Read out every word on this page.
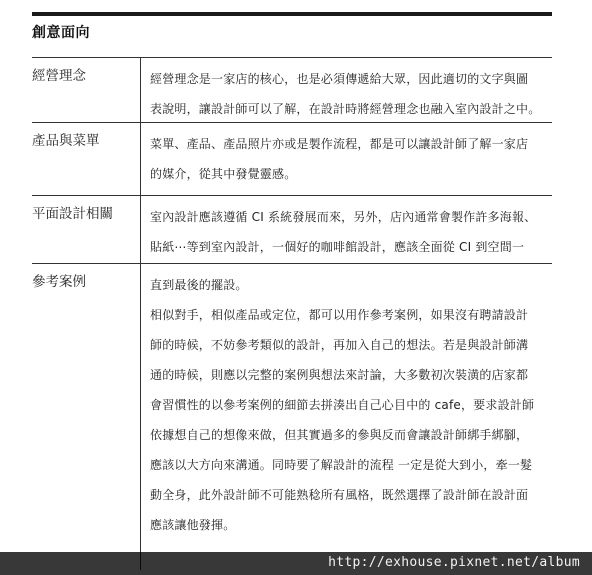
創意面向
經營理念	經營理念是一家店的核心，也是必須傳遞給大眾，因此適切的文字與圖
表說明，讓設計師可以了解，在設計時將經營理念也融入室內設計之中。
產品與菜單	菜單、產品、產品照片亦或是製作流程，都是可以讓設計師了解一家店
的媒介，從其中發覺靈感。
平面設計相關	室內設計應該遵循 CI 系統發展而來，另外，店內通常會製作許多海報、
貼紙⋯等到室內設計，一個好的咖啡館設計，應該全面從 CI 到空間一
參考案例	直到最後的擺設。
相似對手，相似產品或定位，都可以用作參考案例，如果沒有聘請設計
師的時候，不妨參考類似的設計，再加入自己的想法。若是與設計師溝
通的時候，則應以完整的案例與想法來討論，大多數初次裝潢的店家都
會習慣性的以參考案例的細節去拼湊出自己心目中的 cafe，要求設計師
依據想自己的想像來做，但其實過多的參與反而會讓設計師綁手綁腳，
應該以大方向來溝通。同時要了解設計的流程 一定是從大到小，牽一髮
動全身，此外設計師不可能熟稔所有風格，既然選擇了設計師在設計面
應該讓他發揮。
http://exhouse.pixnet.net/album
